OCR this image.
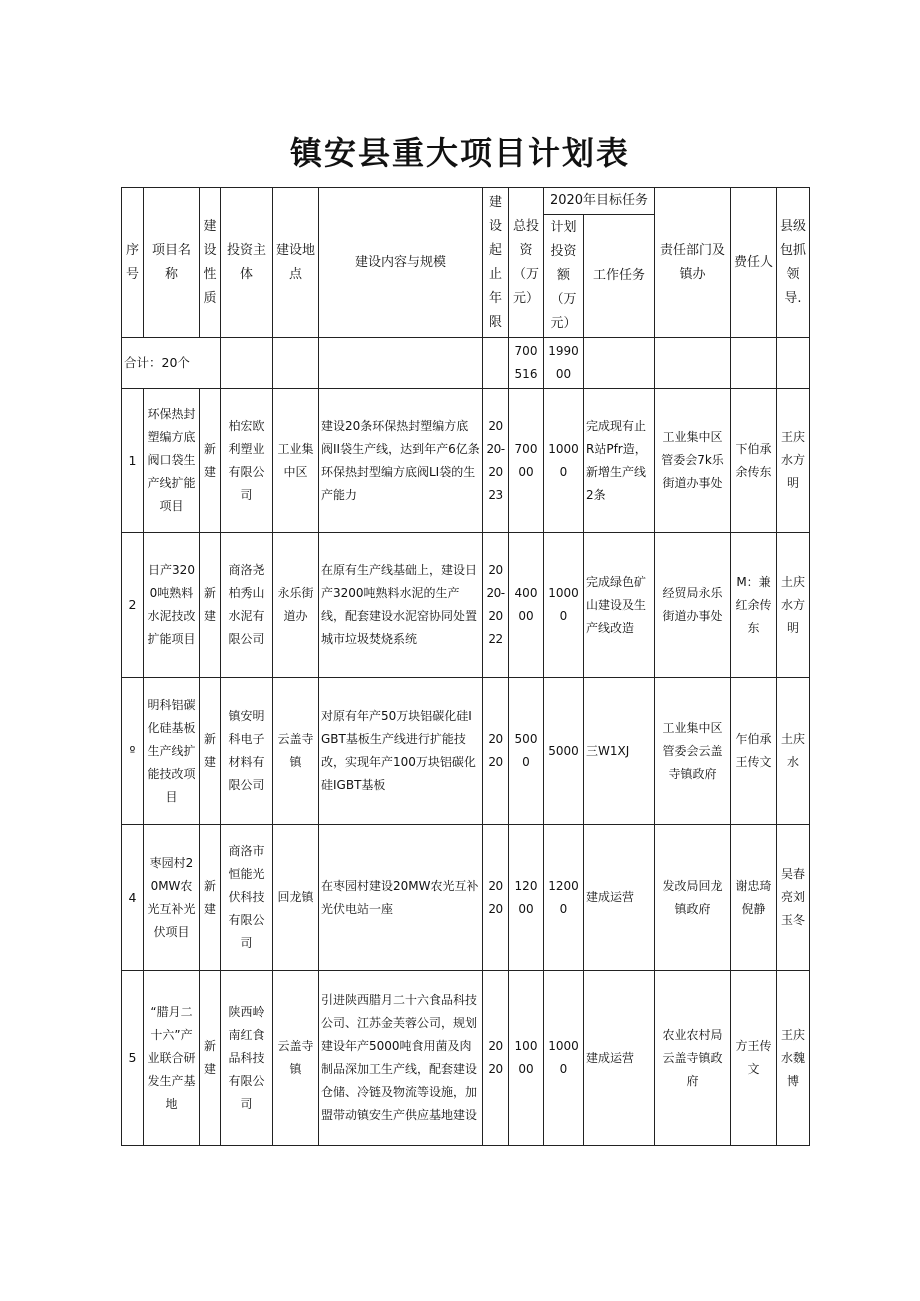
镇安县重大项目计划表
序号	项目名称	建设性质	投资主体	建设地点	建设内容与规模	建设起止年限	总投资（万元）	2020年目标任务		责任部门及镇办	费任人	县级包抓领导.
								计划投资额（万元）	工作任务			
合计：20个							700516	199000				
1	环保热封塑编方底阀口袋生产线扩能项目	新建	柏宏欧利塑业有限公司	工业集中区	建设20条环保热封塑编方底阀II袋生产线，达到年产6亿条环保热封型编方底阀LI袋的生产能力	2020-2023	70000	10000	完成现有止R站Pfr造，新增生产线2条	工业集中区管委会7k乐街道办事处	下伯承余传东	王庆水方明
2	日产3200吨熟料水泥技改扩能项目	新建	商洛尧柏秀山水泥有限公司	永乐街道办	在原有生产线基础上，建设日产3200吨熟料水泥的生产线，配套建设水泥窑协同处置城市垃圾焚烧系统	2020-2022	40000	10000	完成绿色矿山建设及生产线改造	经贸局永乐街道办事处	M：兼红余传东	土庆水方明
º	明科铝碳化硅基板生产线扩能技改项目	新建	镇安明科电子材料有限公司	云盖寺镇	对原有年产50万块铝碳化硅IGBT基板生产线进行扩能技改，实现年产100万块铝碳化硅IGBT基板	2020	5000	5000	三W1XJ	工业集中区管委会云盖寺镇政府	乍伯承王传文	土庆水
4	枣园村20MW农光互补光伏项目	新建	商洛市恒能光伏科技有限公司	回龙镇	在枣园村建设20MW农光互补光伏电站一座	2020	12000	12000	建成运营	发改局回龙镇政府	谢忠琦倪静	吴春亮刘玉冬
5	“腊月二十六”产业联合研发生产基地	新建	陕西岭南红食品科技有限公司	云盖寺镇	引进陕西腊月二十六食品科技公司、江苏金芙蓉公司，规划建设年产5000吨食用菌及肉制品深加工生产线，配套建设仓储、冷链及物流等设施，加盟带动镇安生产供应基地建设	2020	10000	10000	建成运营	农业农村局云盖寺镇政府	方王传文	王庆水魏博
